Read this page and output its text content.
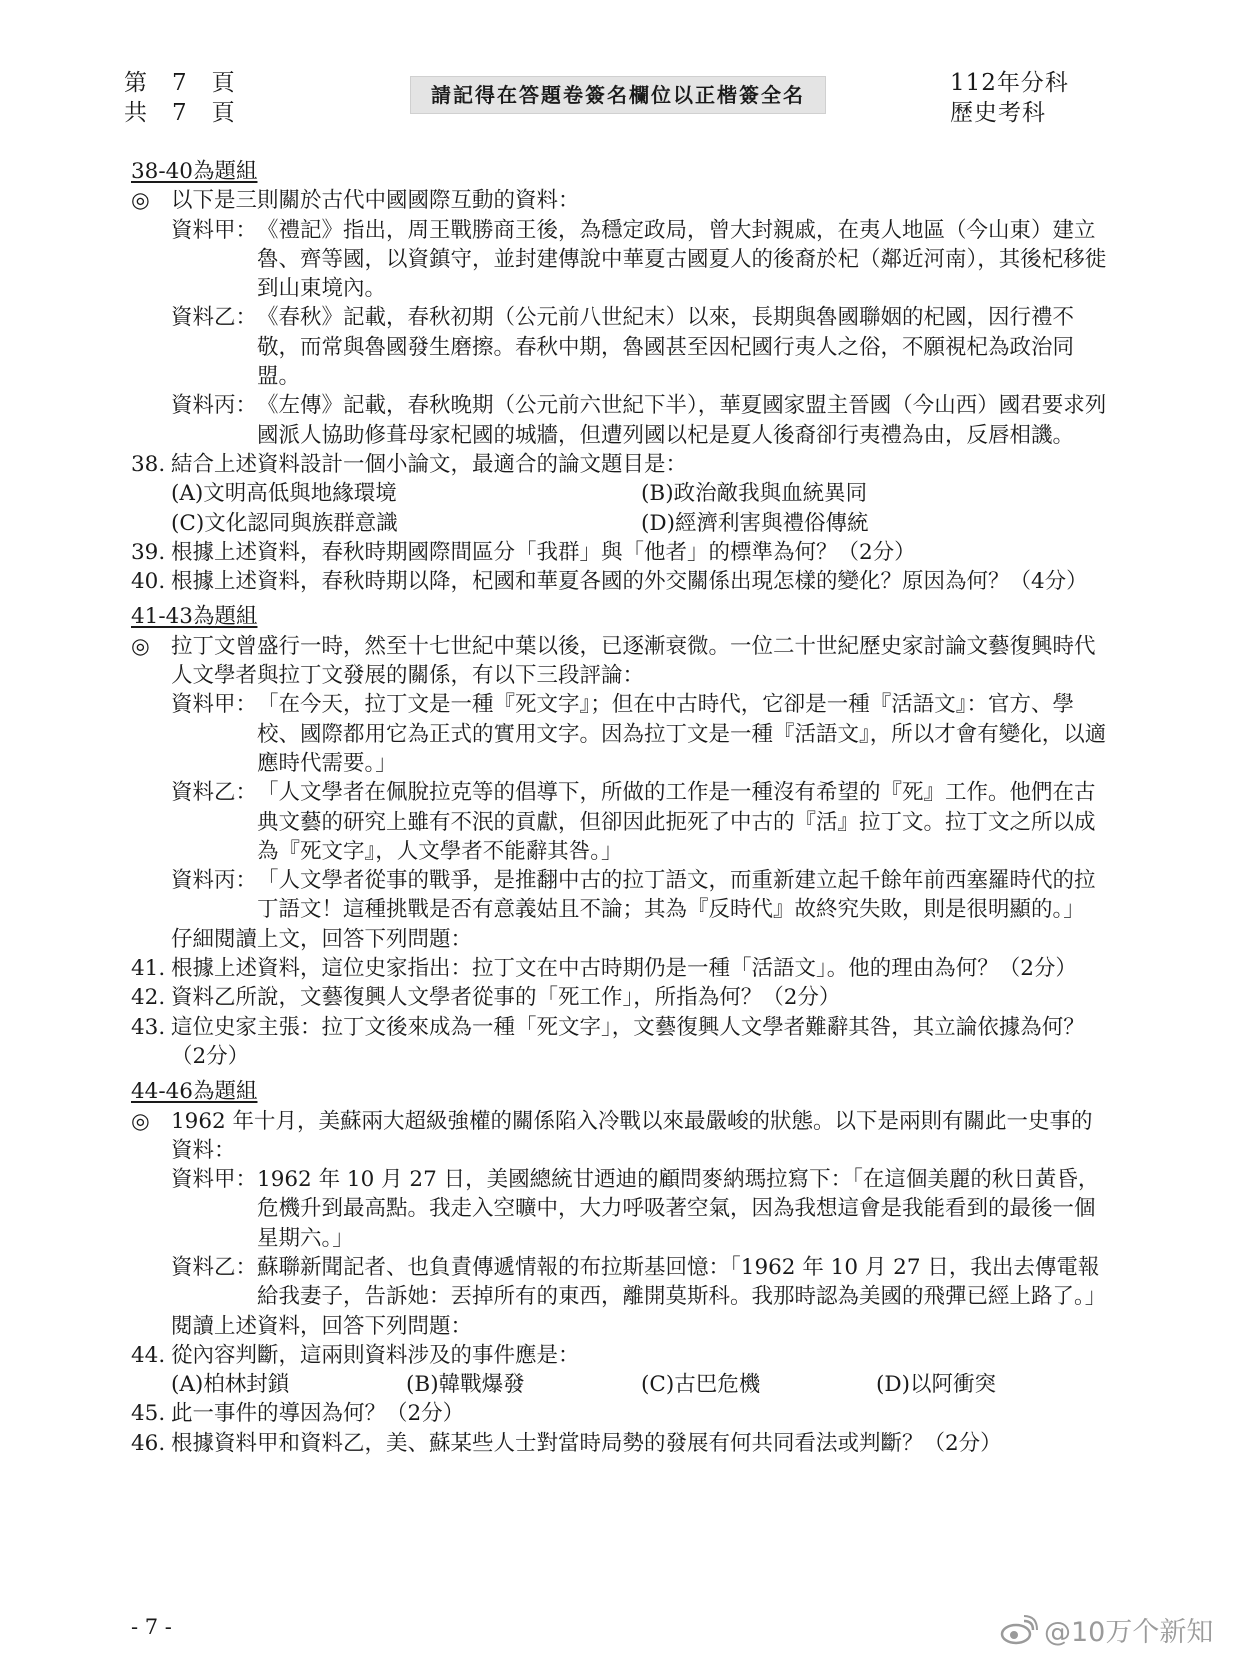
第　7　頁
共　7　頁
請記得在答題卷簽名欄位以正楷簽全名	112年分科
歷史考科
38-40為題組
◎ 以下是三則關於古代中國國際互動的資料：
資料甲： 《禮記》指出，周王戰勝商王後，為穩定政局，曾大封親戚，在夷人地區（今山東）建立魯、齊等國，以資鎮守，並封建傳說中華夏古國夏人的後裔於杞（鄰近河南），其後杞移徙到山東境內。
資料乙： 《春秋》記載，春秋初期（公元前八世紀末）以來，長期與魯國聯姻的杞國，因行禮不敬，而常與魯國發生磨擦。春秋中期，魯國甚至因杞國行夷人之俗，不願視杞為政治同盟。
資料丙： 《左傳》記載，春秋晚期（公元前六世紀下半），華夏國家盟主晉國（今山西）國君要求列國派人協助修葺母家杞國的城牆，但遭列國以杞是夏人後裔卻行夷禮為由，反唇相譏。
38. 結合上述資料設計一個小論文，最適合的論文題目是：
(A)文明高低與地緣環境	(B)政治敵我與血統異同
(C)文化認同與族群意識	(D)經濟利害與禮俗傳統
39. 根據上述資料，春秋時期國際間區分「我群」與「他者」的標準為何？（2分）
40. 根據上述資料，春秋時期以降，杞國和華夏各國的外交關係出現怎樣的變化？原因為何？（4分）
41-43為題組
◎ 拉丁文曾盛行一時，然至十七世紀中葉以後，已逐漸衰微。一位二十世紀歷史家討論文藝復興時代人文學者與拉丁文發展的關係，有以下三段評論：
資料甲： 「在今天，拉丁文是一種『死文字』；但在中古時代，它卻是一種『活語文』：官方、學校、國際都用它為正式的實用文字。因為拉丁文是一種『活語文』，所以才會有變化，以適應時代需要。」
資料乙： 「人文學者在佩脫拉克等的倡導下，所做的工作是一種沒有希望的『死』工作。他們在古典文藝的研究上雖有不泯的貢獻，但卻因此扼死了中古的『活』拉丁文。拉丁文之所以成為『死文字』，人文學者不能辭其咎。」
資料丙： 「人文學者從事的戰爭，是推翻中古的拉丁語文，而重新建立起千餘年前西塞羅時代的拉丁語文！這種挑戰是否有意義姑且不論；其為『反時代』故終究失敗，則是很明顯的。」
仔細閱讀上文，回答下列問題：
41. 根據上述資料，這位史家指出：拉丁文在中古時期仍是一種「活語文」。他的理由為何？（2分）
42. 資料乙所說，文藝復興人文學者從事的「死工作」，所指為何？（2分）
43. 這位史家主張：拉丁文後來成為一種「死文字」，文藝復興人文學者難辭其咎，其立論依據為何？（2分）
44-46為題組
◎ 1962 年十月，美蘇兩大超級強權的關係陷入冷戰以來最嚴峻的狀態。以下是兩則有關此一史事的資料：
資料甲： 1962 年 10 月 27 日，美國總統甘迺迪的顧問麥納瑪拉寫下：「在這個美麗的秋日黃昏，危機升到最高點。我走入空曠中，大力呼吸著空氣，因為我想這會是我能看到的最後一個星期六。」
資料乙： 蘇聯新聞記者、也負責傳遞情報的布拉斯基回憶：「1962 年 10 月 27 日，我出去傳電報給我妻子，告訴她：丟掉所有的東西，離開莫斯科。我那時認為美國的飛彈已經上路了。」
閱讀上述資料，回答下列問題：
44. 從內容判斷，這兩則資料涉及的事件應是：
(A)柏林封鎖	(B)韓戰爆發	(C)古巴危機	(D)以阿衝突
45. 此一事件的導因為何？（2分）
46. 根據資料甲和資料乙，美、蘇某些人士對當時局勢的發展有何共同看法或判斷？（2分）
- 7 -	@10万个新知
